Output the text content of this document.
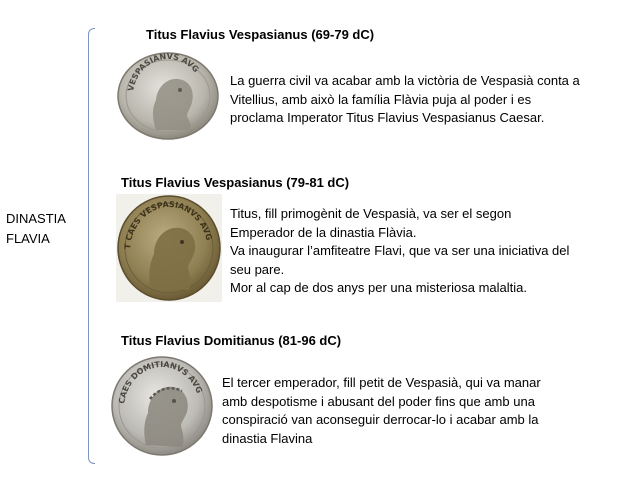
DINASTIA
FLAVIA
Titus Flavius Vespasianus (69-79 dC)
VESPASIANVS AVG
La guerra civil va acabar amb la victòria de Vespasià conta a
Vitellius, amb això la família Flàvia puja al poder i es
proclama Imperator Titus Flavius Vespasianus Caesar.
Titus Flavius Vespasianus (79-81 dC)
T CAES VESPASIANVS AVG
Titus, fill primogènit de Vespasià, va ser el segon
Emperador de la dinastia Flàvia.
Va inaugurar l’amfiteatre Flavi, que va ser una iniciativa del
seu pare.
Mor al cap de dos anys per una misteriosa malaltia.
Titus Flavius Domitianus (81-96 dC)
CAES DOMITIANVS AVG El tercer emperador, fill petit de Vespasià, qui va manar
amb despotisme i abusant del poder fins que amb una
conspiració van aconseguir derrocar-lo i acabar amb la
dinastia Flavina
